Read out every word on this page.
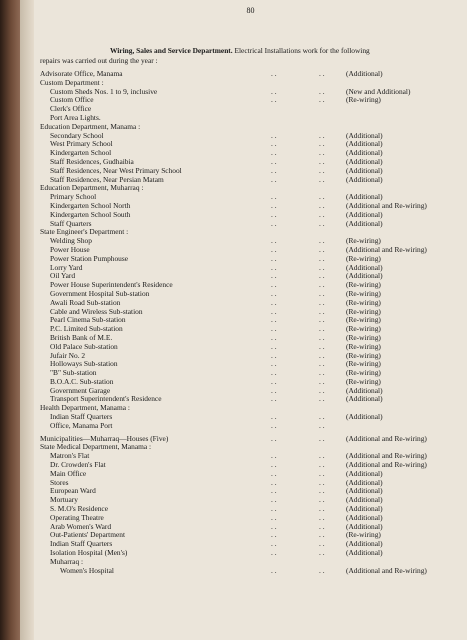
80
Wiring, Sales and Service Department. Electrical Installations work for the following
repairs was carried out during the year :
Advisorate Office, Manama	. .	. .	(Additional)
Custom Department :
Custom Sheds Nos. 1 to 9, inclusive	. .	. .	(New and Additional)
Custom Office	. .	. .	(Re-wiring)
Clerk's Office
Port Area Lights.
Education Department, Manama :
Secondary School	. .	. .	(Additional)
West Primary School	. .	. .	(Additional)
Kindergarten School	. .	. .	(Additional)
Staff Residences, Gudhaibia	. .	. .	(Additional)
Staff Residences, Near West Primary School	. .	. .	(Additional)
Staff Residences, Near Persian Matam	. .	. .	(Additional)
Education Department, Muharraq :
Primary School	. .	. .	(Additional)
Kindergarten School North	. .	. .	(Additional and Re-wiring)
Kindergarten School South	. .	. .	(Additional)
Staff Quarters	. .	. .	(Additional)
State Engineer's Department :
Welding Shop	. .	. .	(Re-wiring)
Power House	. .	. .	(Additional and Re-wiring)
Power Station Pumphouse	. .	. .	(Re-wiring)
Lorry Yard	. .	. .	(Additional)
Oil Yard	. .	. .	(Additional)
Power House Superintendent's Residence	. .	. .	(Re-wiring)
Government Hospital Sub-station	. .	. .	(Re-wiring)
Awali Road Sub-station	. .	. .	(Re-wiring)
Cable and Wireless Sub-station	. .	. .	(Re-wiring)
Pearl Cinema Sub-station	. .	. .	(Re-wiring)
P.C. Limited Sub-station	. .	. .	(Re-wiring)
British Bank of M.E.	. .	. .	(Re-wiring)
Old Palace Sub-station	. .	. .	(Re-wiring)
Jufair No. 2	. .	. .	(Re-wiring)
Holloways Sub-station	. .	. .	(Re-wiring)
"B" Sub-station	. .	. .	(Re-wiring)
B.O.A.C. Sub-station	. .	. .	(Re-wiring)
Government Garage	. .	. .	(Additional)
Transport Superintendent's Residence	. .	. .	(Additional)
Health Department, Manama :
Indian Staff Quarters	. .	. .	(Additional)
Office, Manama Port	. .	. .
Municipalities—Muharraq—Houses (Five)	. .	. .	(Additional and Re-wiring)
State Medical Department, Manama :
Matron's Flat	. .	. .	(Additional and Re-wiring)
Dr. Crowden's Flat	. .	. .	(Additional and Re-wiring)
Main Office	. .	. .	(Additional)
Stores	. .	. .	(Additional)
European Ward	. .	. .	(Additional)
Mortuary	. .	. .	(Additional)
S. M.O's Residence	. .	. .	(Additional)
Operating Theatre	. .	. .	(Additional)
Arab Women's Ward	. .	. .	(Additional)
Out-Patients' Department	. .	. .	(Re-wiring)
Indian Staff Quarters	. .	. .	(Additional)
Isolation Hospital (Men's)	. .	. .	(Additional)
Muharraq :
Women's Hospital	. .	. .	(Additional and Re-wiring)
